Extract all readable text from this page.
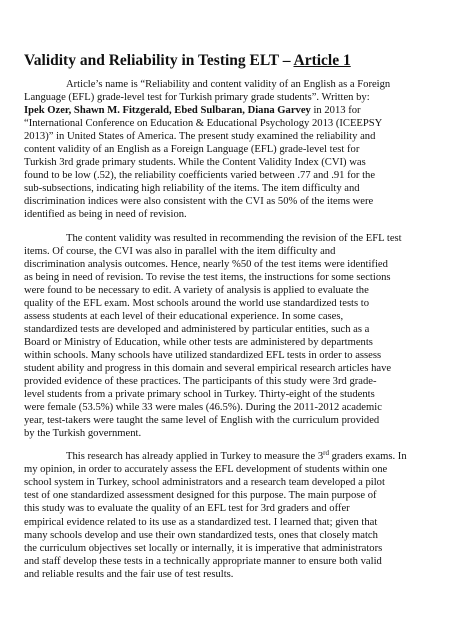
Validity and Reliability in Testing ELT – Article 1
Article’s name is “Reliability and content validity of an English as a Foreign
Language (EFL) grade-level test for Turkish primary grade students”. Written by:
Ipek Ozer, Shawn M. Fitzgerald, Ebed Sulbaran, Diana Garvey in 2013 for
“International Conference on Education & Educational Psychology 2013 (ICEEPSY
2013)” in United States of America. The present study examined the reliability and
content validity of an English as a Foreign Language (EFL) grade-level test for
Turkish 3rd grade primary students. While the Content Validity Index (CVI) was
found to be low (.52), the reliability coefficients varied between .77 and .91 for the
sub-subsections, indicating high reliability of the items. The item difficulty and
discrimination indices were also consistent with the CVI as 50% of the items were
identified as being in need of revision.
The content validity was resulted in recommending the revision of the EFL test
items. Of course, the CVI was also in parallel with the item difficulty and
discrimination analysis outcomes. Hence, nearly %50 of the test items were identified
as being in need of revision. To revise the test items, the instructions for some sections
were found to be necessary to edit. A variety of analysis is applied to evaluate the
quality of the EFL exam. Most schools around the world use standardized tests to
assess students at each level of their educational experience. In some cases,
standardized tests are developed and administered by particular entities, such as a
Board or Ministry of Education, while other tests are administered by departments
within schools. Many schools have utilized standardized EFL tests in order to assess
student ability and progress in this domain and several empirical research articles have
provided evidence of these practices. The participants of this study were 3rd grade-
level students from a private primary school in Turkey. Thirty-eight of the students
were female (53.5%) while 33 were males (46.5%). During the 2011-2012 academic
year, test-takers were taught the same level of English with the curriculum provided
by the Turkish government.
This research has already applied in Turkey to measure the 3rd graders exams. In
my opinion, in order to accurately assess the EFL development of students within one
school system in Turkey, school administrators and a research team developed a pilot
test of one standardized assessment designed for this purpose. The main purpose of
this study was to evaluate the quality of an EFL test for 3rd graders and offer
empirical evidence related to its use as a standardized test. I learned that; given that
many schools develop and use their own standardized tests, ones that closely match
the curriculum objectives set locally or internally, it is imperative that administrators
and staff develop these tests in a technically appropriate manner to ensure both valid
and reliable results and the fair use of test results.
